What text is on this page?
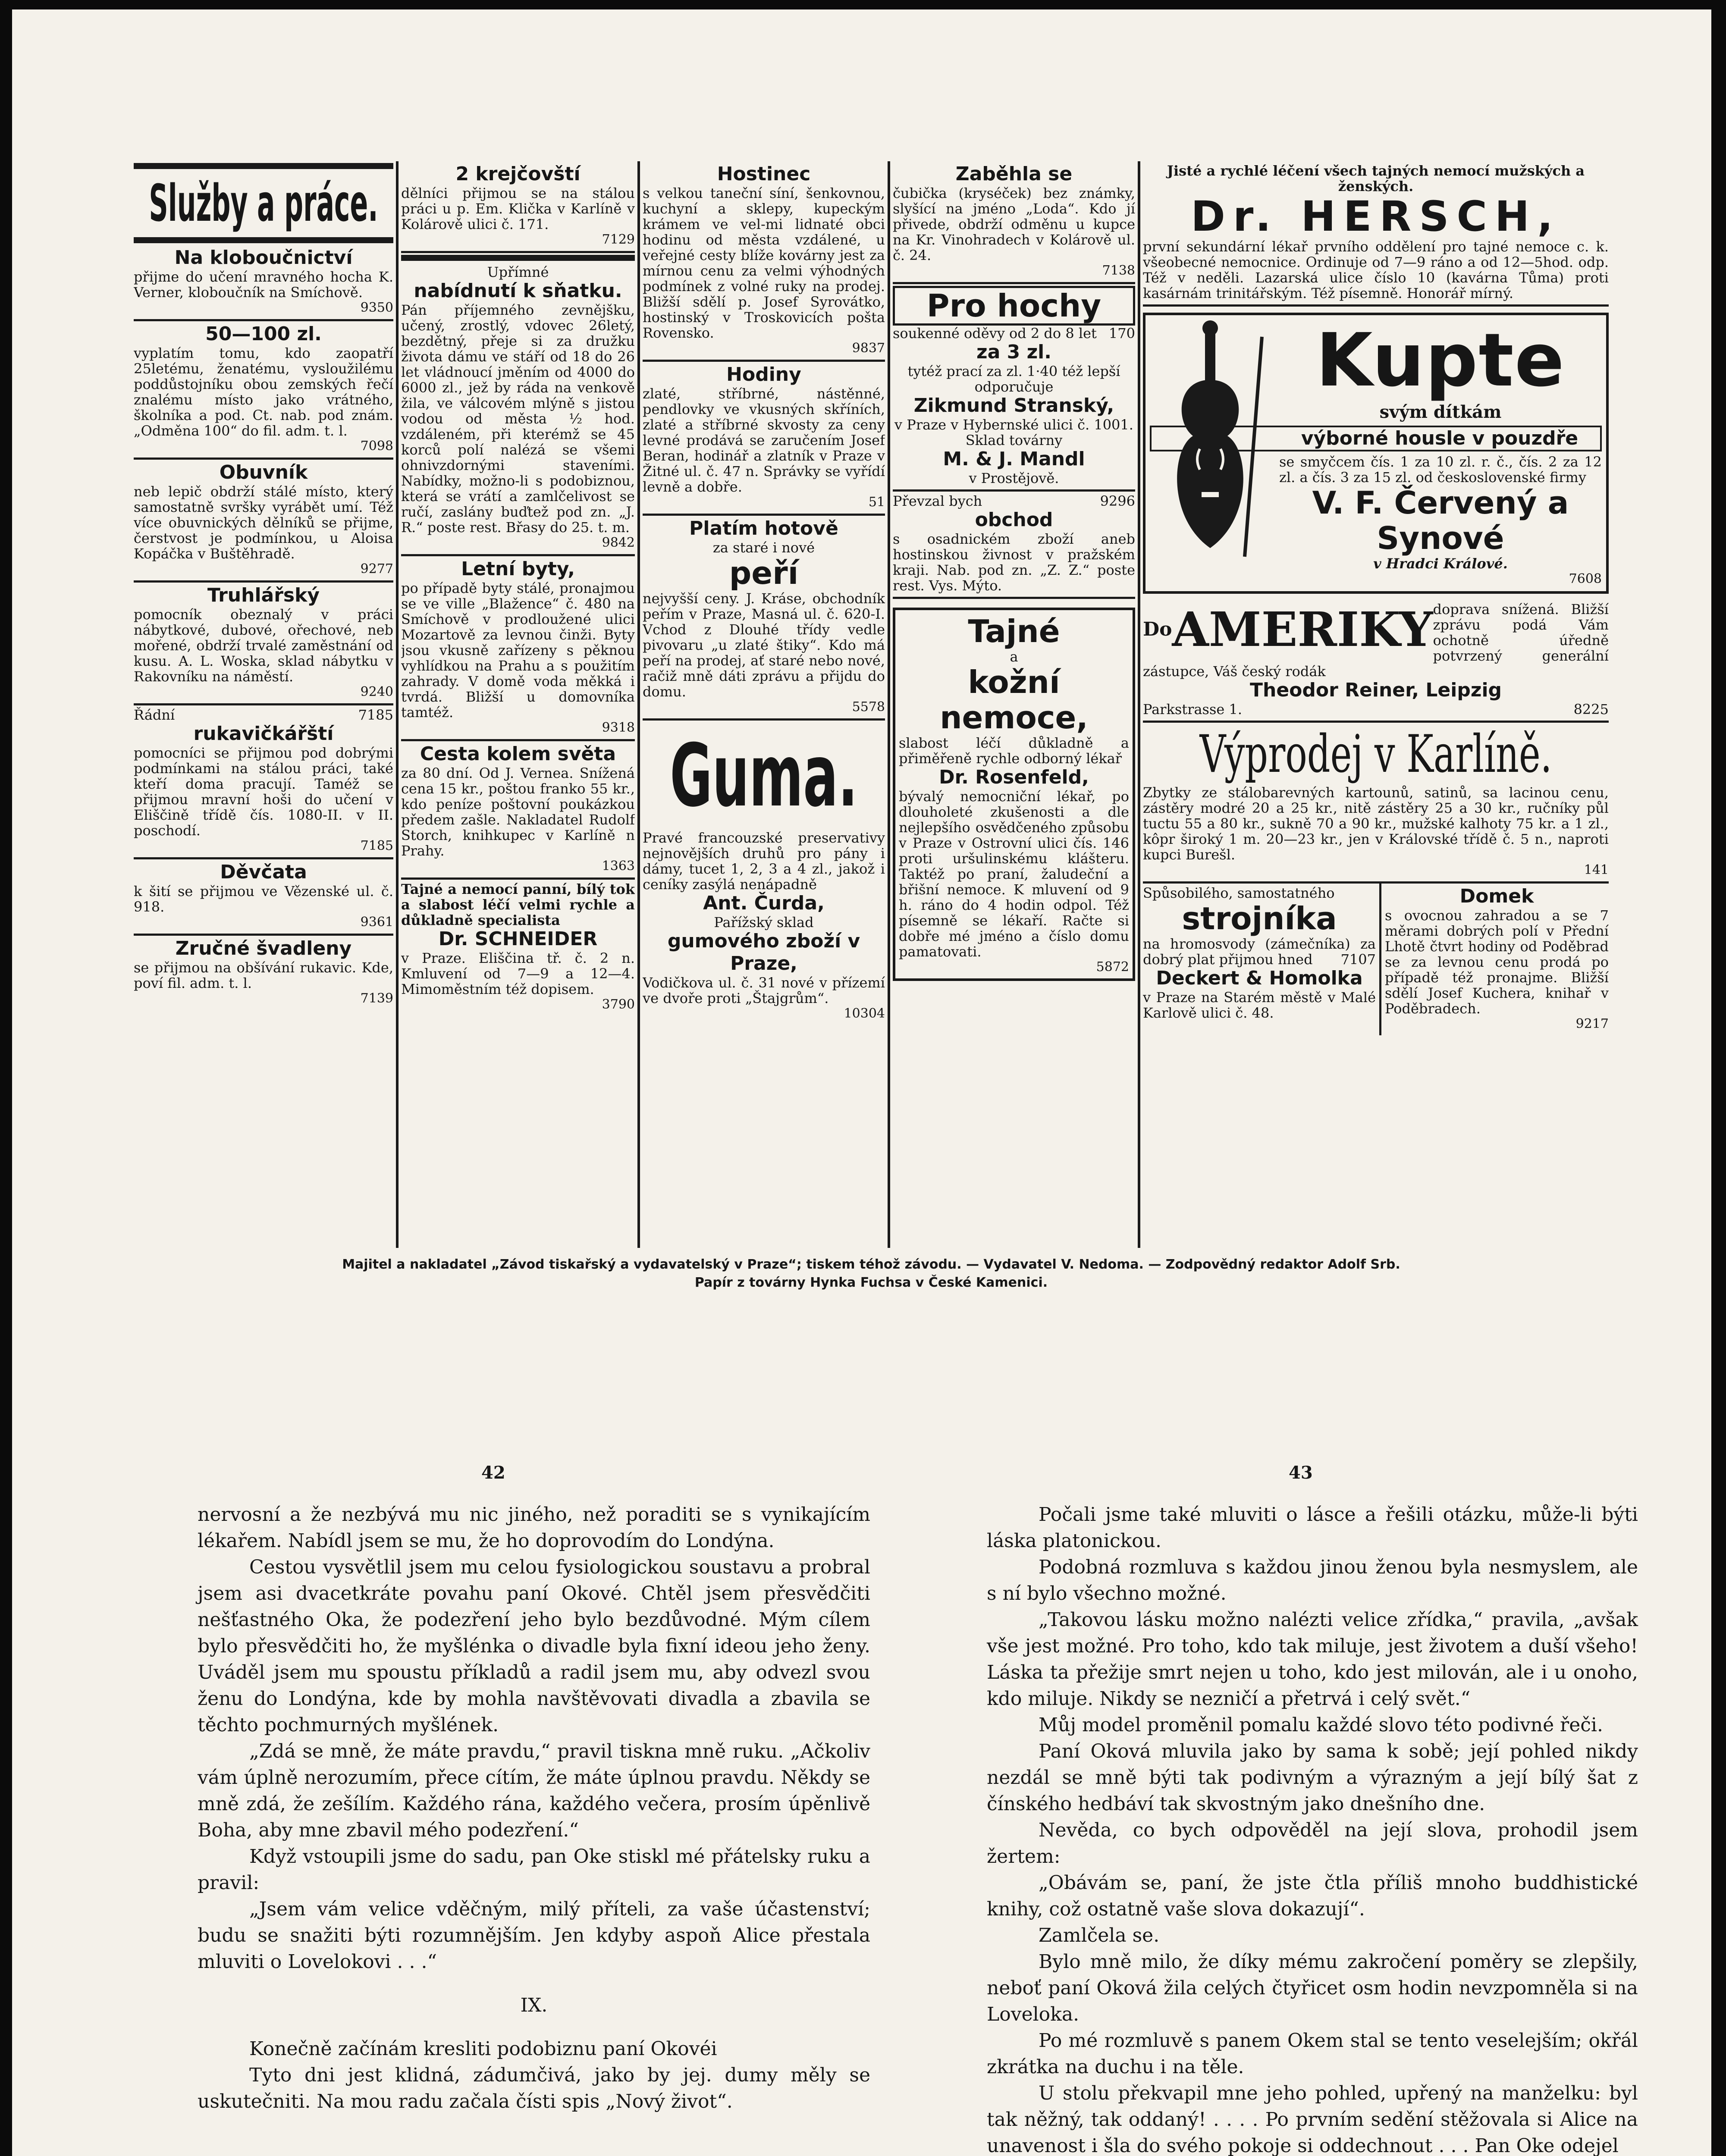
Služby a práce.
Na kloboučnictví
přijme do učení mravného hocha K. Verner, kloboučník na Smíchově.
9350
50—100 zl.
vyplatím tomu, kdo zaopatří 25letému, ženatému, vysloužilému poddůstojníku obou zemských řečí znalému místo jako vrátného, školníka a pod. Ct. nab. pod znám. „Odměna 100“ do fil. adm. t. l.
7098
Obuvník
neb lepič obdrží stálé místo, který samostatně svršky vyrábět umí. Též více obuvnických dělníků se přijme, čerstvost je podmínkou, u Aloisa Kopáčka v Buštěhradě.
9277
Truhlářský
pomocník obeznalý v práci nábytkové, dubové, ořechové, neb mořené, obdrží trvalé zaměstnání od kusu. A. L. Woska, sklad nábytku v Rakovníku na náměstí.
9240
Řádní	7185
rukavičkářští
pomocníci se přijmou pod dobrými podmínkami na stálou práci, také kteří doma pracují. Taméž se přijmou mravní hoši do učení v Eliščině třídě čís. 1080-II. v II. poschodí.
7185
Děvčata
k šití se přijmou ve Vězenské ul. č. 918.
9361
Zručné švadleny
se přijmou na obšívání rukavic. Kde, poví fil. adm. t. l.
7139
2 krejčovští
dělníci přijmou se na stálou práci u p. Em. Klička v Karlíně v Kolárově ulici č. 171.
7129
Upřímné
nabídnutí k sňatku.
Pán příjemného zevnějšku, učený, zrostlý, vdovec 26letý, bezdětný, přeje si za družku života dámu ve stáří od 18 do 26 let vládnoucí jměním od 4000 do 6000 zl., jež by ráda na venkově žila, ve válcovém mlýně s jistou vodou od města ½ hod. vzdáleném, při kterémž se 45 korců polí nalézá se všemi ohnivzdornými staveními. Nabídky, možno-li s podobiznou, která se vrátí a zamlčelivost se ručí, zaslány buďtež pod zn. „J. R.“ poste rest. Břasy do 25. t. m.
9842
Letní byty,
po případě byty stálé, pronajmou se ve ville „Blažence“ č. 480 na Smíchově v prodloužené ulici Mozartově za levnou činži. Byty jsou vkusně zařízeny s pěknou vyhlídkou na Prahu a s použitím zahrady. V domě voda měkká i tvrdá. Bližší u domovníka tamtéž.
9318
Cesta kolem světa
za 80 dní. Od J. Vernea. Snížená cena 15 kr., poštou franko 55 kr., kdo peníze poštovní poukázkou předem zašle. Nakladatel Rudolf Storch, knihkupec v Karlíně n Prahy.
1363
Tajné a nemocí panní, bílý tok a slabost léčí velmi rychle a důkladně specialista
Dr. SCHNEIDER
v Praze. Eliščina tř. č. 2 n. Kmluvení od 7—9 a 12—4. Mimoměstním též dopisem.
3790
Hostinec
s velkou taneční síní, šenkovnou, kuchyní a sklepy, kupeckým krámem ve vel-mi lidnaté obci hodinu od města vzdálené, u veřejné cesty blíže kovárny jest za mírnou cenu za velmi výhodných podmínek z volné ruky na prodej. Bližší sdělí p. Josef Syrovátko, hostinský v Troskovicích pošta Rovensko.
9837
Hodiny
zlaté, stříbrné, nástěnné, pendlovky ve vkusných skříních, zlaté a stříbrné skvosty za ceny levné prodává se zaručením Josef Beran, hodinář a zlatník v Praze v Žitné ul. č. 47 n. Správky se vyřídí levně a dobře.
51
Platím hotově
za staré i nové
peří
nejvyšší ceny. J. Kráse, obchodník peřím v Praze, Masná ul. č. 620-I. Vchod z Dlouhé třídy vedle pivovaru „u zlaté štiky“. Kdo má peří na prodej, ať staré nebo nové, račiž mně dáti zprávu a přijdu do domu.
5578
Guma.
Pravé francouzské preservativy nejnovějších druhů pro pány i dámy, tucet 1, 2, 3 a 4 zl., jakož i ceníky zasýlá nenápadně
Ant. Čurda,
Pařížský sklad
gumového zboží v Praze,
Vodičkova ul. č. 31 nové v přízemí ve dvoře proti „Štajgrům“.
10304
Zaběhla se
čubička (kryséček) bez známky, slyšící na jméno „Loda“. Kdo jí přivede, obdrží odměnu u kupce na Kr. Vinohradech v Kolárově ul. č. 24.
7138
Pro hochy
soukenné oděvy od 2 do 8 let 170
za 3 zl.
tytéž prací za zl. 1·40 též lepší odporučuje
Zikmund Stranský,
v Praze v Hybernské ulici č. 1001. Sklad továrny
M. & J. Mandl
v Prostějově.
Převzal bych	9296
obchod
s osadnickém zboží aneb hostinskou živnost v pražském kraji. Nab. pod zn. „Z. Z.“ poste rest. Vys. Mýto.
Tajné
a
kožní nemoce,
slabost léčí důkladně a přiměřeně rychle odborný lékař
Dr. Rosenfeld,
bývalý nemocniční lékař, po dlouholeté zkušenosti a dle nejlepšího osvědčeného způsobu v Praze v Ostrovní ulici čís. 146 proti uršulinskému klášteru. Taktéž po praní, žaludeční a břišní nemoce. K mluvení od 9 h. ráno do 4 hodin odpol. Též písemně se lékaří. Račte si dobře mé jméno a číslo domu pamatovati.
5872
Jisté a rychlé léčení všech tajných nemocí mužských a ženských.
Dr. HERSCH,
první sekundární lékař prvního oddělení pro tajné nemoce c. k. všeobecné nemocnice. Ordinuje od 7—9 ráno a od 12—5hod. odp. Též v neděli. Lazarská ulice číslo 10 (kavárna Tůma) proti kasárnám trinitářským. Též písemně. Honorář mírný.
Kupte
svým dítkám
výborné housle v pouzdře
se smyčcem čís. 1 za 10 zl. r. č., čís. 2 za 12 zl. a čís. 3 za 15 zl. od československé firmy
V. F. Červený a Synové
v Hradci Králové.
7608
$^{Do}$AMERIKY doprava snížená. Bližší zprávu podá Vám ochotně úředně potvrzený generální zástupce, Váš český rodák
Theodor Reiner, Leipzig
Parkstrasse 1.	8225
Výprodej v Karlíně.
Zbytky ze stálobarevných kartounů, satinů, sa lacinou cenu, zástěry modré 20 a 25 kr., nitě zástěry 25 a 30 kr., ručníky půl tuctu 55 a 80 kr., sukně 70 a 90 kr., mužské kalhoty 75 kr. a 1 zl., kôpr široký 1 m. 20—23 kr., jen v Královské třídě č. 5 n., naproti kupci Burešl.
141
Spůsobilého, samostatného
strojníka
na hromosvody (zámečníka) za dobrý plat přijmou hned 7107
Deckert & Homolka
v Praze na Starém městě v Malé Karlově ulici č. 48.
Domek
s ovocnou zahradou a se 7 měrami dobrých polí v Přední Lhotě čtvrt hodiny od Poděbrad se za levnou cenu prodá po případě též pronajme. Bližší sdělí Josef Kuchera, knihař v Poděbradech.
9217
Majitel a nakladatel „Závod tiskařský a vydavatelský v Praze“; tiskem téhož závodu. — Vydavatel V. Nedoma. — Zodpovědný redaktor Adolf Srb.
Papír z továrny Hynka Fuchsa v České Kamenici.
42	43

nervosní a že nezbývá mu nic jiného, než poraditi se s vynikajícím lékařem. Nabídl jsem se mu, že ho doprovodím do Londýna.

Cestou vysvětlil jsem mu celou fysiologickou soustavu a probral jsem asi dvacetkráte povahu paní Okové. Chtěl jsem přesvědčiti nešťastného Oka, že podezření jeho bylo bezdůvodné. Mým cílem bylo přesvědčiti ho, že myšlénka o divadle byla fixní ideou jeho ženy. Uváděl jsem mu spoustu příkladů a radil jsem mu, aby odvezl svou ženu do Londýna, kde by mohla navštěvovati divadla a zbavila se těchto pochmurných myšlének.

„Zdá se mně, že máte pravdu,“ pravil tiskna mně ruku. „Ačkoliv vám úplně nerozumím, přece cítím, že máte úplnou pravdu. Někdy se mně zdá, že zešílím. Každého rána, každého večera, prosím úpěnlivě Boha, aby mne zbavil mého podezření.“

Když vstoupili jsme do sadu, pan Oke stiskl mé přátelsky ruku a pravil:

„Jsem vám velice vděčným, milý příteli, za vaše účastenství; budu se snažiti býti rozumnějším. Jen kdyby aspoň Alice přestala mluviti o Lovelokovi . . .“

IX.

Konečně začínám kresliti podobiznu paní Okovéi

Tyto dni jest klidná, zádumčivá, jako by jej. dumy měly se uskutečniti. Na mou radu začala čísti spis „Nový život“.

Počali jsme také mluviti o lásce a řešili otázku, může-li býti láska platonickou.

Podobná rozmluva s každou jinou ženou byla nesmyslem, ale s ní bylo všechno možné.

„Takovou lásku možno nalézti velice zřídka,“ pravila, „avšak vše jest možné. Pro toho, kdo tak miluje, jest životem a duší všeho! Láska ta přežije smrt nejen u toho, kdo jest milován, ale i u onoho, kdo miluje. Nikdy se nezničí a přetrvá i celý svět.“

Můj model proměnil pomalu každé slovo této podivné řeči.

Paní Oková mluvila jako by sama k sobě; její pohled nikdy nezdál se mně býti tak podivným a výrazným a její bílý šat z čínského hedbáví tak skvostným jako dnešního dne.

Nevěda, co bych odpověděl na její slova, prohodil jsem žertem:

„Obávám se, paní, že jste čtla příliš mnoho buddhistické knihy, což ostatně vaše slova dokazují“.

Zamlčela se.

Bylo mně milo, že díky mému zakročení poměry se zlepšily, neboť paní Oková žila celých čtyřicet osm hodin nevzpomněla si na Loveloka.

Po mé rozmluvě s panem Okem stal se tento veselejším; okřál zkrátka na duchu i na těle.

U stolu překvapil mne jeho pohled, upřený na manželku: byl tak něžný, tak oddaný! . . . . Po prvním sedění stěžovala si Alice na unavenost i šla do svého pokoje si oddechnout . . . Pan Oke odejel
